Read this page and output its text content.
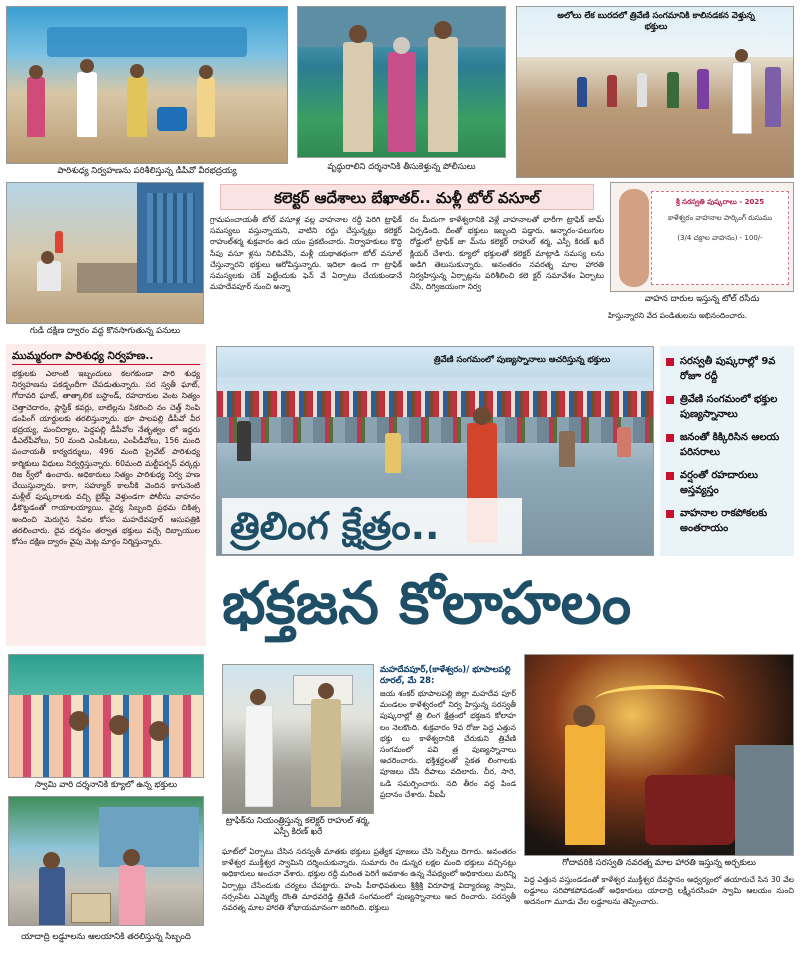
పారిశుధ్య నిర్వహణను పరిశీలిస్తున్న డీపీవో వీరభద్రయ్య	వృద్ధురాలిని దర్శనానికి తీసుకెళ్తున్న పోలీసులు
అలోలు లేక బురదలో త్రివేణి సంగమానికి కాలినడకన వెళ్తున్న భక్తులు
గుడి దక్షిణ ద్వారం వద్ద కొనసాగుతున్న పనులు
కలెక్టర్ ఆదేశాలు బేఖాతర్.. మళ్లీ టోల్ వసూల్
గ్రామపంచాయతీ టోల్ వసూళ్ల వల్ల వాహనాల రద్దీ పెరిగి ట్రాఫిక్ సమస్యలు వస్తున్నాయని, వాటిని రద్దు చేస్తున్నట్లు కలెక్టర్ రాహుల్‌శర్మ శుక్రవారం ఉద యం ప్రకటించారు. నిర్వాహకులు కొద్ది సేపు వసూ ళ్లను నిలిపివేసి, మళ్లీ యథాతథంగా టోల్ వసూల్ చేస్తున్నారని భక్తులు ఆరోపిస్తున్నారు. ఇదిలా ఉండ గా ట్రాఫిక్ సమస్యలకు చెక్ పెట్టేందుకు ఫెన్ వే ఏర్పాటు చేయకుండానే మహదేవపూర్ నుంచి అన్నా
రం మీదుగా కాళేశ్వరానికి వెళ్లే వాహనాలతో భారీగా ట్రాఫిక్ జామ్ ఏర్పడింది. దీంతో భక్తులు ఇబ్బంది పడ్డారు. అన్నారం-పలుగుల రోడ్డులో ట్రాఫిక్ జా మ్‌ను కలెక్టర్ రాహుల్ శర్మ, ఎస్పీ కిరణ్ ఖరే క్లియర్ చేశారు. క్యూలో భక్తులతో కలెక్టర్ మాట్లాడి సమస్య లను అడిగి తెలుసుకున్నారు. అనంతరం నవరత్న మాల హారతి నిర్వహిస్తున్న ఏర్పాట్లను పరిశీలించి కలె క్టర్ సమావేశం ఏర్పాటు చేసి, దిగ్విజయంగా నిర్వ
శ్రీ సరస్వతి పుష్కరాలు - 2025
కాళేశ్వరం వాహనాల పార్కింగ్ రుసుము
(3/4 చక్రాల వాహనం) - 100/-
వాహన దారుల ఇస్తున్న టోల్ రసీదు
హిస్తున్నారని వేద పండితులను అభినందించారు.
ముమ్మరంగా పారిశుధ్య నిర్వహణ..
భక్తులకు ఎలాంటి ఇబ్బందులు కలగకుండా పారి శుధ్య నిర్వహణను పకడ్బందీగా చేపడుతున్నారు. సర స్వతీ ఘాట్, గోదావరి ఘాట్, తాత్కాలిక బస్టాండ్, రహదారుల వెంట నిత్యం చెత్తాచెదారం, ప్లాస్టిక్ కవర్లు, బాటిల్లను సేకరించి నం చెత్త్ నింపి డంపింగ్ యార్డులకు తరలిస్తున్నారు. భూ పాలపల్లి డీపీవో వీర భద్రయ్య, మంచిర్యాల, పెద్దపల్లి డీపీవోల నేతృత్వం లో ఇద్దరు డీఎల్‌పీవోలు, 50 మంది ఎంపీఓలు, ఎంపీడీవోలు, 156 మంది పంచాయతీ కార్యదర్శులు, 496 మంది ప్రైవేట్ పారిశుధ్య కార్మికులు విధులు నిర్వర్తిస్తున్నారు. 60మంది మల్టీపర్పస్ వర్కర్లు రిజ ర్వ్‌లో ఉంచారు. అధికారులు నిత్యం పారిశుధ్య నిర్వ హణ చేయిస్తున్నారు. కాగా, సహ్యూర్ కాలనీకి వెందిన కాగునెంటి మళ్లీల్ పుష్కరాలకు వచ్చి బైక్‌పై వెళ్తుండగా పోలీసు వాహనం ఢీకొట్టడంతో గాయాలయ్యాయి. వైద్య సిబ్బంది ప్రథమ చికిత్స అందించి మెరుగైన సేవల కోసం మహదేవపూర్ ఆసుపత్రికి తరలించారు. దైవ దర్శనం తర్వాత భక్తులు వచ్చే దిబ్బాయుల కోసం దక్షిణ ద్వారం వైపు మెట్ల మార్గం నిర్మిస్తున్నారు.
త్రివేణి సంగమంలో పుణ్యస్నానాలు ఆచరిస్తున్న భక్తులు	సరస్వతీ పుష్కరాల్లో 9వ రోజూ రద్దీ
త్రివేణి సంగమంలో భక్తుల పుణ్యస్నానాలు
జనంతో కిక్కిరిసిన ఆలయ పరిసరాలు
వర్షంతో రహదారులు అస్తవ్యస్తం
వాహనాల రాకపోకలకు అంతరాయం
త్రిలింగ క్షేత్రం..
భక్తజన కోలాహలం
స్వామి వారి దర్శనానికి క్యూలో ఉన్న భక్తులు
యాదాద్రి లడ్డూలను ఆలయానికి తరలిస్తున్న సిబ్బంది
ట్రాఫిక్‌ను నియంత్రిస్తున్న కలెక్టర్ రాహుల్ శర్మ, ఎస్పీ కిరణ్ ఖరే
మహదేవపూర్,(కాళేశ్వరం)/ భూపాలపల్లి రూరల్, మే 28:
జయ శంకర్ భూపాలపల్లి జిల్లా మహదేవ పూర్ మండలం కాళేశ్వరంలో నిర్వ హిస్తున్న సరస్వతీ పుష్కరాల్లో త్రి లింగ క్షేత్రంలో భక్తజన కోలాహ లం నెలకొంది. శుక్రవారం 9వ రోజు పెద్ద ఎత్తున భక్తు లు కాళేశ్వరానికి చేరుకుని త్రివేణి సంగమంలో పవి త్ర పుణ్యస్నానాలు ఆచరించారు. భక్తిశ్రద్ధలతో సైకత లింగాలకు పూజలు చేసి దీపాలు వదిలారు. చీర, సారె, ఒడి సమర్పించారు. నది తీరం వద్ద పిండ ప్రదానం చేశారు. వీఐపీ
ఘాట్‌లో ఏర్పాటు చేసిన సరస్వతీ మాతకు భక్తులు ప్రత్యేక పూజలు చేసి సెల్ఫీలు దిగారు. అనంతరం కాళేశ్వర ముక్తీశ్వర స్వామిని దర్శించుకున్నారు. సుమారు రెం డున్నర లక్షల మంది భక్తులు వచ్చినట్లు అధికారులు అంచనా వేశారు. భక్తుల రద్దీ మరింత పెరిగే అవకాశం ఉన్న నేపథ్యంలో అధికారులు మరిన్ని ఏర్పాట్లు చేసేందుకు చర్యలు చేపట్టారు. హంపి పీఠాధిపతులు శ్రీశ్రీశ్రీ విరూపాక్ష విద్యారణ్య స్వామి, నర్సంపేట ఎమ్మెల్యే దొంతి మాధవరెడ్డి త్రివేణి సంగమంలో పుణ్యస్నానాలు ఆచ రించారు. సరస్వతీ నవరత్న మాల హారతి శోభాయమానంగా జరిగింది. భక్తులు
గోదావరికి సరస్వతి నవరత్న మాల హారతి ఇస్తున్న అర్చకులు
పెద్ద ఎత్తున వస్తుండడంతో కాళేశ్వర ముక్తీశ్వర దేవస్థానం ఆధ్వర్యంలో తయారుచే సిన 30 వేల లడ్డూలు సరిపోకపోవడంతో అధికారులు యాదాద్రి లక్ష్మీనరసింహ స్వామి ఆలయం నుంచి అదనంగా మూడు వేల లడ్డూలను తెప్పించారు.
